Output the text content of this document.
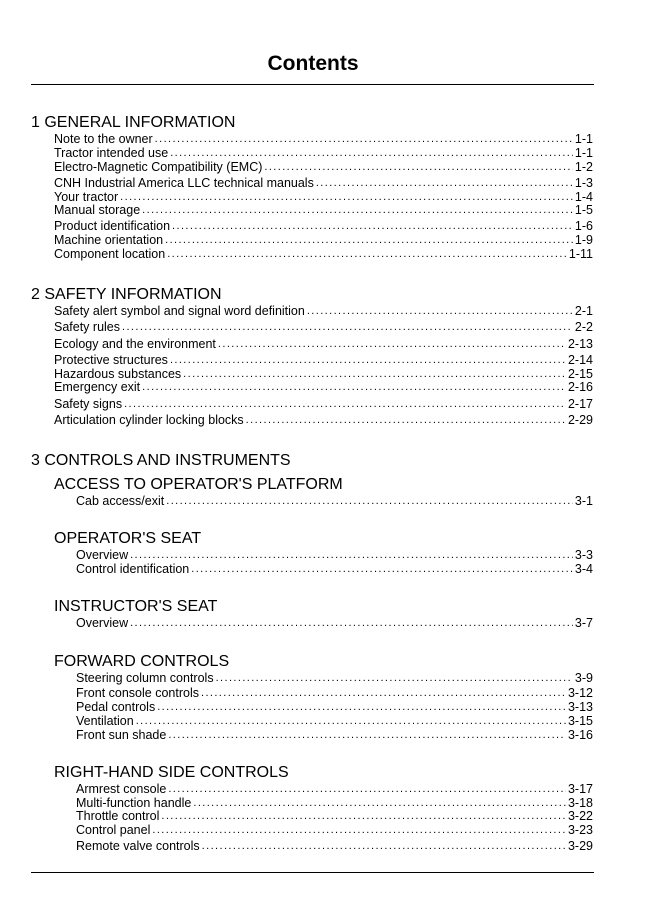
Contents
1 GENERAL INFORMATION
Note to the owner .....	1-1
Tractor intended use .....	1-1
Electro-Magnetic Compatibility (EMC) .....	1-2
CNH Industrial America LLC technical manuals .....	1-3
Your tractor .....	1-4
Manual storage .....	1-5
Product identification .....	1-6
Machine orientation .....	1-9
Component location .....	1-11
2 SAFETY INFORMATION
Safety alert symbol and signal word definition .....	2-1
Safety rules .....	2-2
Ecology and the environment .....	2-13
Protective structures .....	2-14
Hazardous substances .....	2-15
Emergency exit .....	2-16
Safety signs .....	2-17
Articulation cylinder locking blocks .....	2-29
3 CONTROLS AND INSTRUMENTS
ACCESS TO OPERATOR'S PLATFORM
Cab access/exit .....	3-1
OPERATOR'S SEAT
Overview .....	3-3
Control identification .....	3-4
INSTRUCTOR'S SEAT
Overview .....	3-7
FORWARD CONTROLS
Steering column controls .....	3-9
Front console controls .....	3-12
Pedal controls .....	3-13
Ventilation .....	3-15
Front sun shade .....	3-16
RIGHT-HAND SIDE CONTROLS
Armrest console .....	3-17
Multi-function handle .....	3-18
Throttle control .....	3-22
Control panel .....	3-23
Remote valve controls .....	3-29
